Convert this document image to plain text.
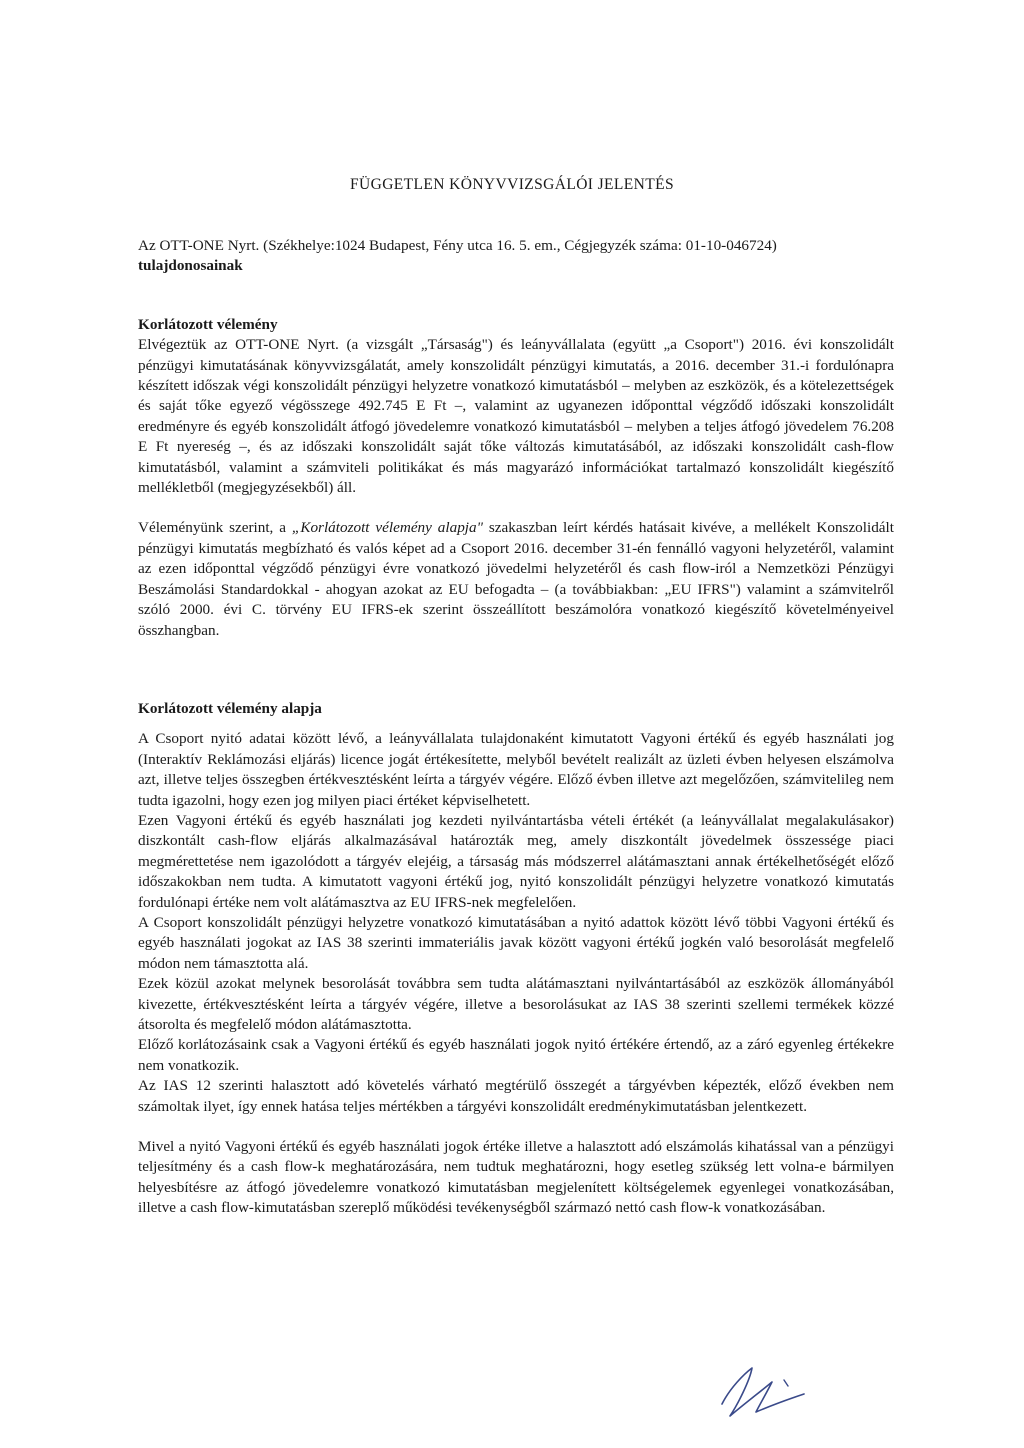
FÜGGETLEN KÖNYVVIZSGÁLÓI JELENTÉS

Az OTT-ONE Nyrt. (Székhelye:1024 Budapest, Fény utca 16. 5. em., Cégjegyzék száma: 01-10-046724)

tulajdonosainak

Korlátozott vélemény

Elvégeztük az OTT-ONE Nyrt. (a vizsgált „Társaság") és leányvállalata (együtt „a Csoport") 2016. évi konszolidált pénzügyi kimutatásának könyvvizsgálatát, amely konszolidált pénzügyi kimutatás, a 2016. december 31.-i fordulónapra készített időszak végi konszolidált pénzügyi helyzetre vonatkozó kimutatásból – melyben az eszközök, és a kötelezettségek és saját tőke egyező végösszege 492.745 E Ft –, valamint az ugyanezen időponttal végződő időszaki konszolidált eredményre és egyéb konszolidált átfogó jövedelemre vonatkozó kimutatásból – melyben a teljes átfogó jövedelem 76.208 E Ft nyereség –, és az időszaki konszolidált saját tőke változás kimutatásából, az időszaki konszolidált cash-flow kimutatásból, valamint a számviteli politikákat és más magyarázó információkat tartalmazó konszolidált kiegészítő mellékletből (megjegyzésekből) áll.

Véleményünk szerint, a „Korlátozott vélemény alapja" szakaszban leírt kérdés hatásait kivéve, a mellékelt Konszolidált pénzügyi kimutatás megbízható és valós képet ad a Csoport 2016. december 31-én fennálló vagyoni helyzetéről, valamint az ezen időponttal végződő pénzügyi évre vonatkozó jövedelmi helyzetéről és cash flow-iról a Nemzetközi Pénzügyi Beszámolási Standardokkal - ahogyan azokat az EU befogadta – (a továbbiakban: „EU IFRS") valamint a számvitelről szóló 2000. évi C. törvény EU IFRS-ek szerint összeállított beszámolóra vonatkozó kiegészítő követelményeivel összhangban.

Korlátozott vélemény alapja

A Csoport nyitó adatai között lévő, a leányvállalata tulajdonaként kimutatott Vagyoni értékű és egyéb használati jog (Interaktív Reklámozási eljárás) licence jogát értékesítette, melyből bevételt realizált az üzleti évben helyesen elszámolva azt, illetve teljes összegben értékvesztésként leírta a tárgyév végére. Előző évben illetve azt megelőzően, számvitelileg nem tudta igazolni, hogy ezen jog milyen piaci értéket képviselhetett.

Ezen Vagyoni értékű és egyéb használati jog kezdeti nyilvántartásba vételi értékét (a leányvállalat megalakulásakor) diszkontált cash-flow eljárás alkalmazásával határozták meg, amely diszkontált jövedelmek összessége piaci megmérettetése nem igazolódott a tárgyév elejéig, a társaság más módszerrel alátámasztani annak értékelhetőségét előző időszakokban nem tudta. A kimutatott vagyoni értékű jog, nyitó konszolidált pénzügyi helyzetre vonatkozó kimutatás fordulónapi értéke nem volt alátámasztva az EU IFRS-nek megfelelően.

A Csoport konszolidált pénzügyi helyzetre vonatkozó kimutatásában a nyitó adattok között lévő többi Vagyoni értékű és egyéb használati jogokat az IAS 38 szerinti immateriális javak között vagyoni értékű jogkén való besorolását megfelelő módon nem támasztotta alá.

Ezek közül azokat melynek besorolását továbbra sem tudta alátámasztani nyilvántartásából az eszközök állományából kivezette, értékvesztésként leírta a tárgyév végére, illetve a besorolásukat az IAS 38 szerinti szellemi termékek közzé átsorolta és megfelelő módon alátámasztotta.

Előző korlátozásaink csak a Vagyoni értékű és egyéb használati jogok nyitó értékére értendő, az a záró egyenleg értékekre nem vonatkozik.

Az IAS 12 szerinti halasztott adó követelés várható megtérülő összegét a tárgyévben képezték, előző években nem számoltak ilyet, így ennek hatása teljes mértékben a tárgyévi konszolidált eredménykimutatásban jelentkezett.

Mivel a nyitó Vagyoni értékű és egyéb használati jogok értéke illetve a halasztott adó elszámolás kihatással van a pénzügyi teljesítmény és a cash flow-k meghatározására, nem tudtuk meghatározni, hogy esetleg szükség lett volna-e bármilyen helyesbítésre az átfogó jövedelemre vonatkozó kimutatásban megjelenített költségelemek egyenlegei vonatkozásában, illetve a cash flow-kimutatásban szereplő működési tevékenységből származó nettó cash flow-k vonatkozásában.
